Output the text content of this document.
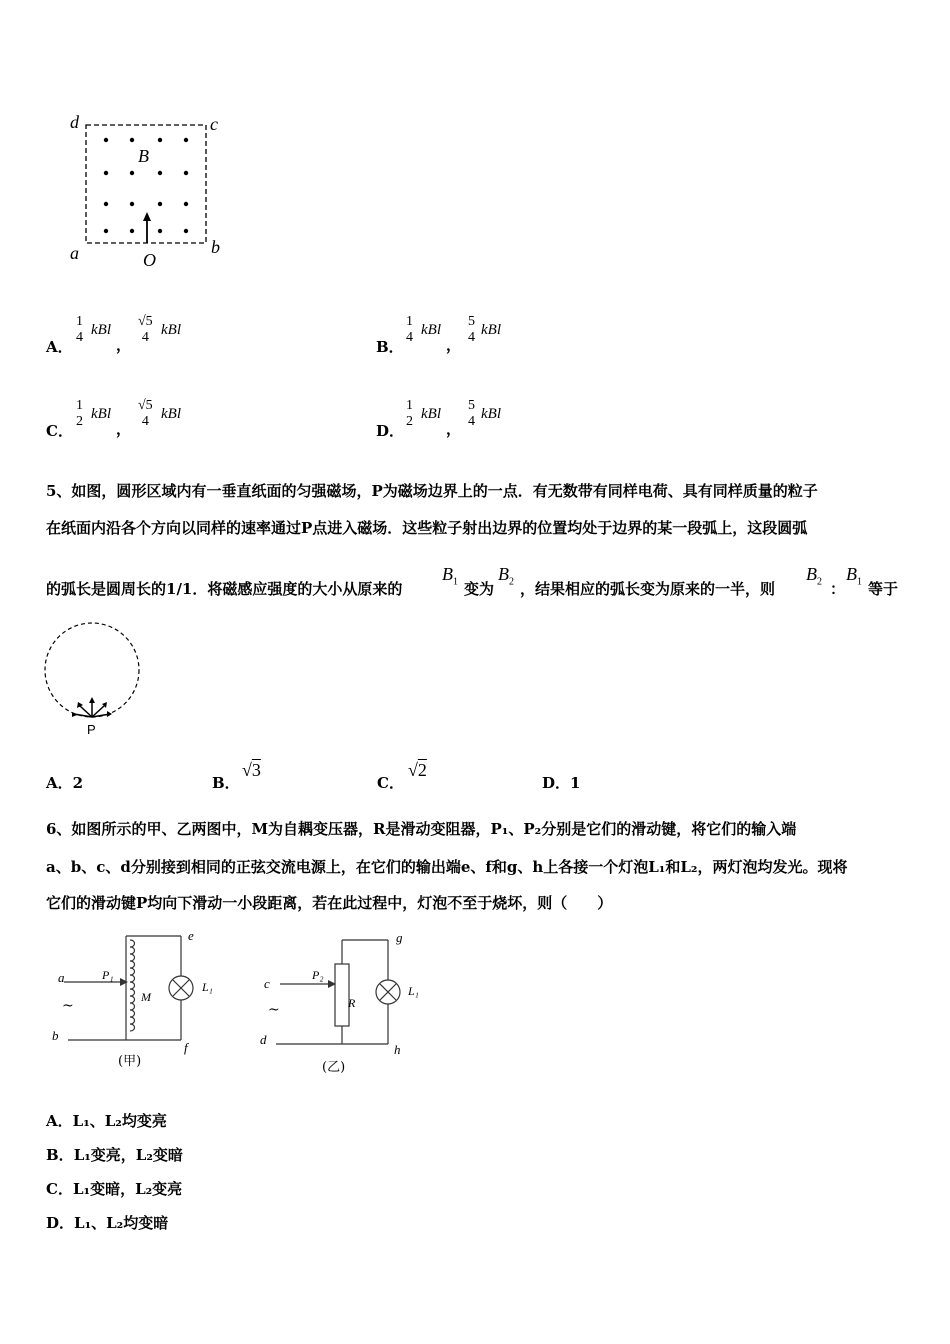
d	c
B
a	b
O
A．
1
4 kBl
，
√5
4 kBl
B．
1
4 kBl
，
5
4 kBl
C．
1
2 kBl
，
√5
4 kBl
D．
1
2 kBl
，
5
4 kBl
5、如图，圆形区域内有一垂直纸面的匀强磁场，P为磁场边界上的一点．有无数带有同样电荷、具有同样质量的粒子
在纸面内沿各个方向以同样的速率通过P点进入磁场．这些粒子射出边界的位置均处于边界的某一段弧上，这段圆弧
的弧长是圆周长的1/1．将磁感应强度的大小从原来的
$B_1$ 变为
$B_2$ ，结果相应的弧长变为原来的一半，则
$B_2$ ：
$B_1$ 等于
P
A．2	B．
√3
C．
√2
D．1
6、如图所示的甲、乙两图中，M为自耦变压器，R是滑动变阻器，P₁、P₂分别是它们的滑动键，将它们的输入端
a、b、c、d分别接到相同的正弦交流电源上，在它们的输出端e、f和g、h上各接一个灯泡L₁和L₂，两灯泡均发光。现将
它们的滑动键P均向下滑动一小段距离，若在此过程中，灯泡不至于烧坏，则（　　）
a
b
e
f
P₁
M
L₁
~
(甲)
c
d
g
h
P₂
R
L₁
~
(乙)
A．L₁、L₂均变亮
B．L₁变亮，L₂变暗
C．L₁变暗，L₂变亮
D．L₁、L₂均变暗
